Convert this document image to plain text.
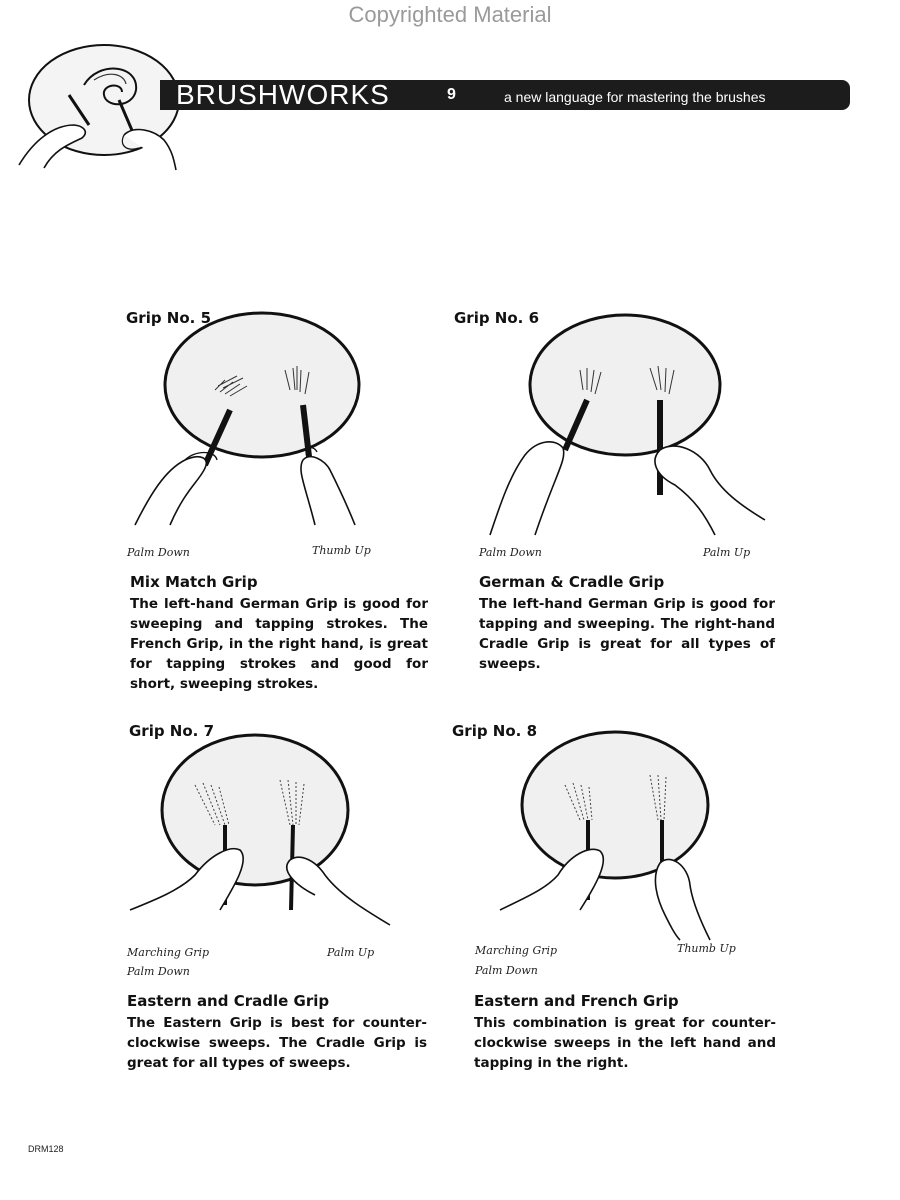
Copyrighted Material
BRUSHWORKS	9	a new language for mastering the brushes
Grip No. 5
Palm Down	Thumb Up
Mix Match Grip
The left-hand German Grip is good for sweeping and tapping strokes. The French Grip, in the right hand, is great for tapping strokes and good for short, sweeping strokes.
Grip No. 6
Palm Down	Palm Up
German & Cradle Grip
The left-hand German Grip is good for tapping and sweeping. The right-hand Cradle Grip is great for all types of sweeps.
Grip No. 7
Marching Grip
Palm Down
Palm Up
Eastern and Cradle Grip
The Eastern Grip is best for counter-clockwise sweeps. The Cradle Grip is great for all types of sweeps.
Grip No. 8
Marching Grip
Palm Down
Thumb Up
Eastern and French Grip
This combination is great for counter-clockwise sweeps in the left hand and tapping in the right.
DRM128
